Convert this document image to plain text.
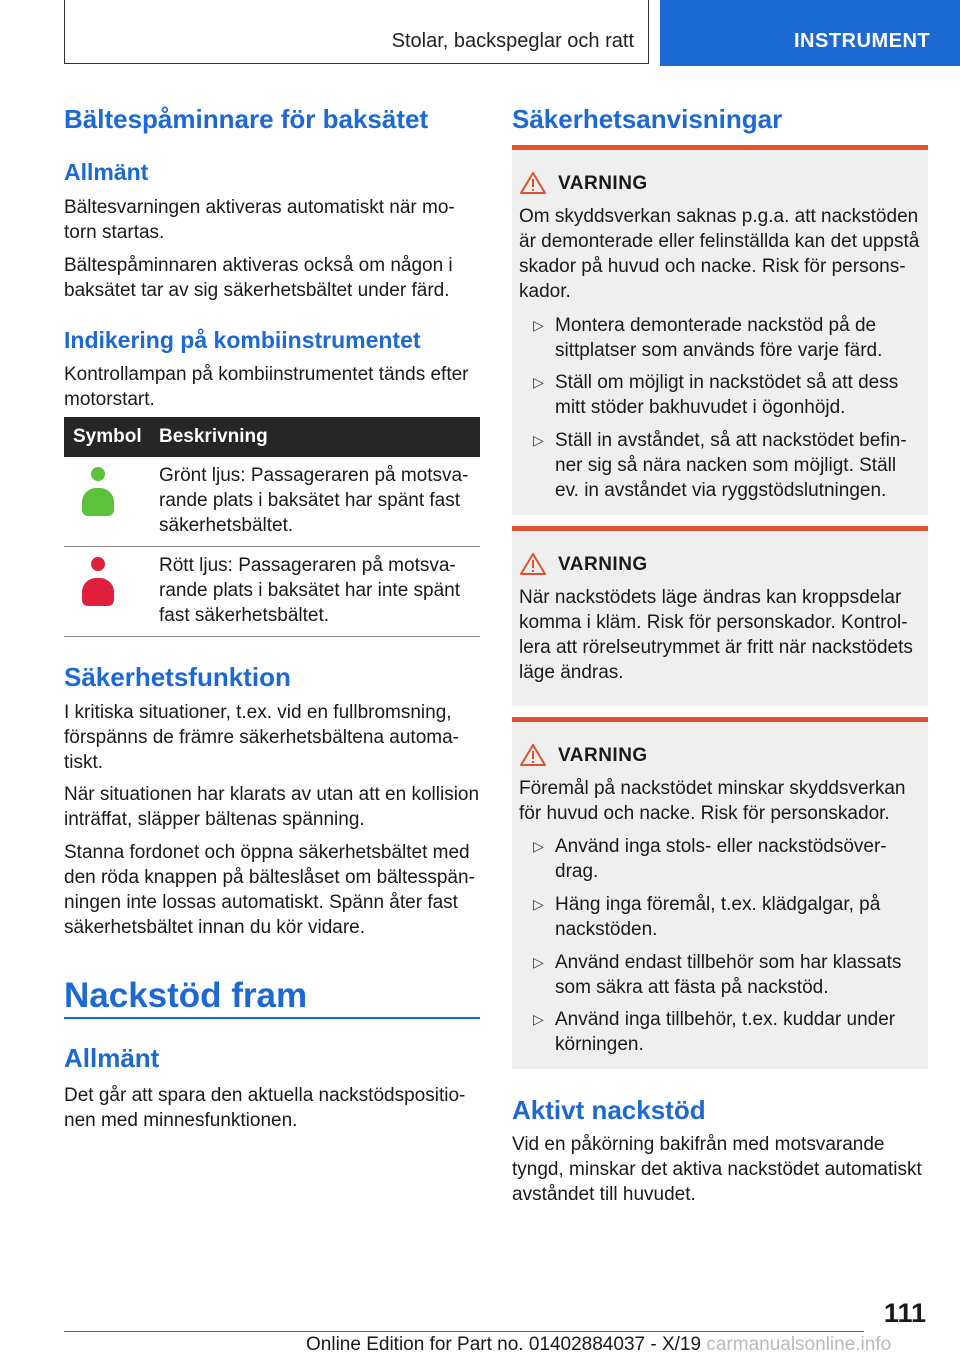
Stolar, backspeglar och ratt	INSTRUMENT
Bältespåminnare för baksätet
Allmänt

Bältesvarningen aktiveras automatiskt när mo-torn startas.

Bältespåminnaren aktiveras också om någon i baksätet tar av sig säkerhetsbältet under färd.

Indikering på kombiinstrumentet

Kontrollampan på kombiinstrumentet tänds efter motorstart.

Symbol Beskrivning
Grönt ljus: Passageraren på motsva-rande plats i baksätet har spänt fast säkerhetsbältet.
Rött ljus: Passageraren på motsva-rande plats i baksätet har inte spänt fast säkerhetsbältet.
Säkerhetsfunktion

I kritiska situationer, t.ex. vid en fullbromsning, förspänns de främre säkerhetsbältena automa-tiskt.

När situationen har klarats av utan att en kollision inträffat, släpper bältenas spänning.

Stanna fordonet och öppna säkerhetsbältet med den röda knappen på bälteslåset om bältesspän-ningen inte lossas automatiskt. Spänn åter fast säkerhetsbältet innan du kör vidare.

Nackstöd fram
Allmänt

Det går att spara den aktuella nackstödspositio-nen med minnesfunktionen.

Säkerhetsanvisningar
VARNING
Om skyddsverkan saknas p.g.a. att nackstöden är demonterade eller felinställda kan det uppstå skador på huvud och nacke. Risk för persons-kador.
▷ Montera demonterade nackstöd på de sittplatser som används före varje färd.
▷ Ställ om möjligt in nackstödet så att dess mitt stöder bakhuvudet i ögonhöjd.
▷ Ställ in avståndet, så att nackstödet befin-ner sig så nära nacken som möjligt. Ställ ev. in avståndet via ryggstödslutningen.
VARNING
När nackstödets läge ändras kan kroppsdelar komma i kläm. Risk för personskador. Kontrol-lera att rörelseutrymmet är fritt när nackstödets läge ändras.
VARNING
Föremål på nackstödet minskar skyddsverkan för huvud och nacke. Risk för personskador.
▷ Använd inga stols- eller nackstödsöver-drag.
▷ Häng inga föremål, t.ex. klädgalgar, på nackstöden.
▷ Använd endast tillbehör som har klassats som säkra att fästa på nackstöd.
▷ Använd inga tillbehör, t.ex. kuddar under körningen.
Aktivt nackstöd

Vid en påkörning bakifrån med motsvarande tyngd, minskar det aktiva nackstödet automatiskt avståndet till huvudet.

111
Online Edition for Part no. 01402884037 - X/19 carmanualsonline.info
